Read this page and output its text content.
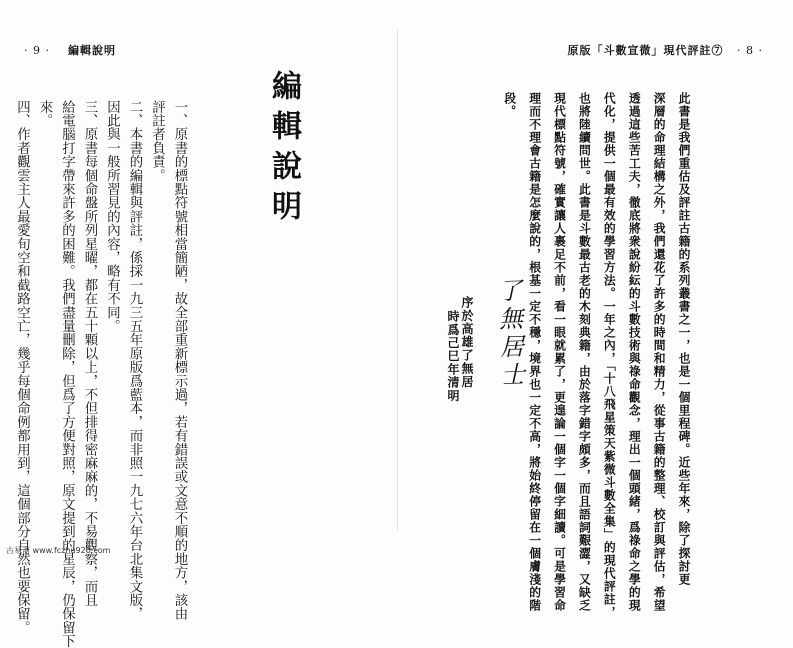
· 9 · 編輯說明
四、作者觀雲主人最愛旬空和截路空亡，幾乎每個命例都用到，這個部分自然也要保留。 來。 給電腦打字帶來許多的困難。我們盡量刪除，但爲了方便對照，原文提到的星辰，仍保留下 三、原書每個命盤所列星曜，都在五十顆以上，不但排得密麻麻的，不易觀察，而且 因此與一般所習見的內容，略有不同。 二、本書的編輯與評註，係採一九三五年原版爲藍本，而非照一九七六年台北集文版， 評註者負責。 一、原書的標點符號相當簡陋，故全部重新標示過，若有錯誤或文意不順的地方，該由	編輯說明
原版「斗數宣微」現代評註⑦ · 8 ·
段。 理而不理會古籍是怎麼說的，根基一定不穩，境界也一定不高，將始終停留在一個膚淺的階 現代標點符號，確實讓人裹足不前，看一眼就累了，更遑論一個字一個字細讀。可是學習命 也將陸續問世。此書是斗數最古老的木刻典籍，由於落字錯字頗多，而且語詞艱澀，又缺乏 代化，提供一個最有效的學習方法。一年之內，「十八飛星策天紫微斗數全集」的現代評註， 透過這些苦工夫，徹底將衆說紛紜的斗數技術與祿命觀念，理出一個頭緒，爲祿命之學的現 深層的命理結構之外，我們還花了許多的時間和精力，從事古籍的整理、校訂與評估，希望 此書是我們重估及評註古籍的系列叢書之一，也是一個里程碑。近些年來，除了探討更
了無居士
序於高雄了無居
時爲己巳年清明
古易斋 www.fczhu920.com
